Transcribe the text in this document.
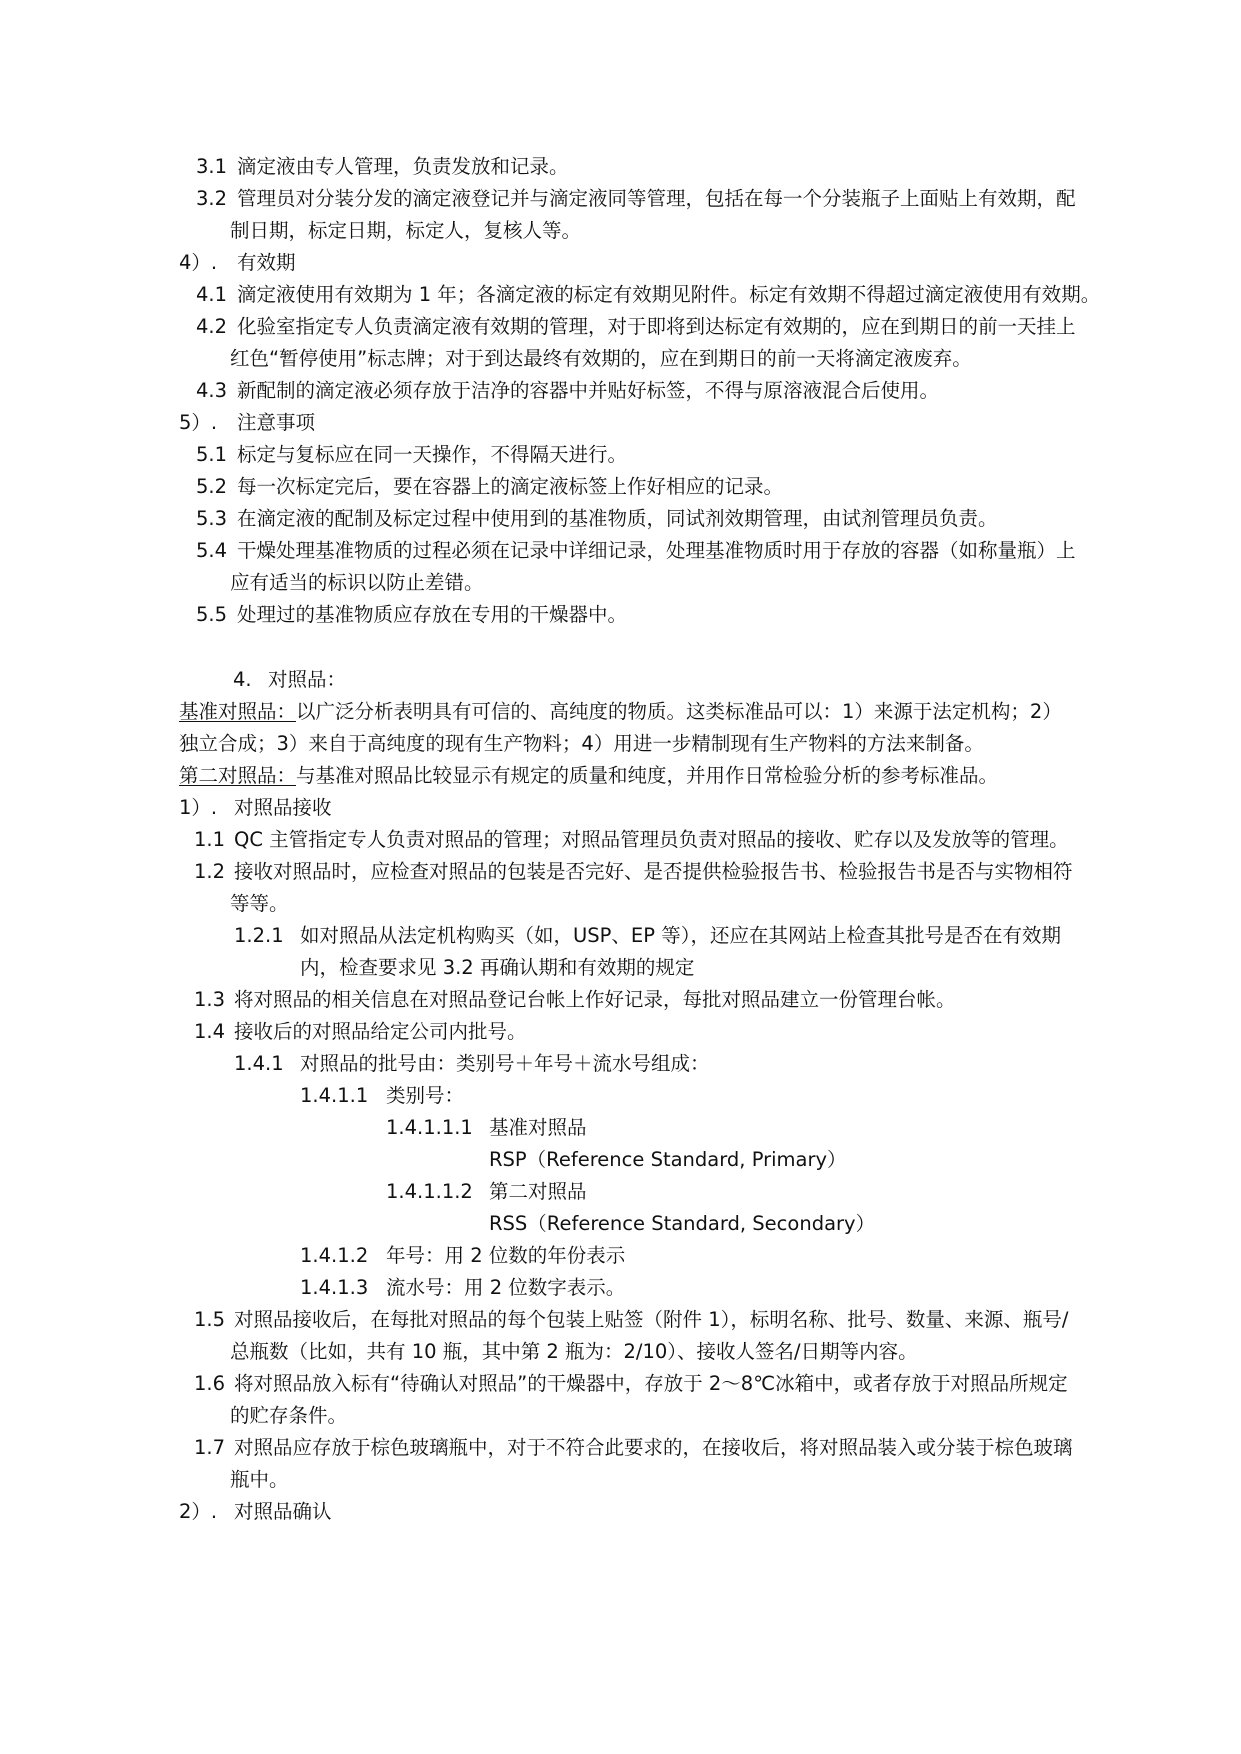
3.1 滴定液由专人管理，负责发放和记录。
3.2 管理员对分装分发的滴定液登记并与滴定液同等管理，包括在每一个分装瓶子上面贴上有效期，配
制日期，标定日期，标定人，复核人等。
4）. 有效期
4.1 滴定液使用有效期为 1 年；各滴定液的标定有效期见附件。标定有效期不得超过滴定液使用有效期。
4.2 化验室指定专人负责滴定液有效期的管理，对于即将到达标定有效期的，应在到期日的前一天挂上
红色“暂停使用”标志牌；对于到达最终有效期的，应在到期日的前一天将滴定液废弃。
4.3 新配制的滴定液必须存放于洁净的容器中并贴好标签，不得与原溶液混合后使用。
5）. 注意事项
5.1 标定与复标应在同一天操作，不得隔天进行。
5.2 每一次标定完后，要在容器上的滴定液标签上作好相应的记录。
5.3 在滴定液的配制及标定过程中使用到的基准物质，同试剂效期管理，由试剂管理员负责。
5.4 干燥处理基准物质的过程必须在记录中详细记录，处理基准物质时用于存放的容器（如称量瓶）上
应有适当的标识以防止差错。
5.5 处理过的基准物质应存放在专用的干燥器中。
4. 对照品：
基准对照品：以广泛分析表明具有可信的、高纯度的物质。这类标准品可以：1）来源于法定机构；2）
独立合成；3）来自于高纯度的现有生产物料；4）用进一步精制现有生产物料的方法来制备。
第二对照品：与基准对照品比较显示有规定的质量和纯度，并用作日常检验分析的参考标准品。
1）. 对照品接收
1.1 QC 主管指定专人负责对照品的管理；对照品管理员负责对照品的接收、贮存以及发放等的管理。
1.2 接收对照品时，应检查对照品的包装是否完好、是否提供检验报告书、检验报告书是否与实物相符
等等。
1.2.1 如对照品从法定机构购买（如，USP、EP 等），还应在其网站上检查其批号是否在有效期
内，检查要求见 3.2 再确认期和有效期的规定
1.3 将对照品的相关信息在对照品登记台帐上作好记录，每批对照品建立一份管理台帐。
1.4 接收后的对照品给定公司内批号。
1.4.1 对照品的批号由：类别号＋年号＋流水号组成：
1.4.1.1 类别号：
1.4.1.1.1 基准对照品
RSP（Reference Standard, Primary）
1.4.1.1.2 第二对照品
RSS（Reference Standard, Secondary）
1.4.1.2 年号：用 2 位数的年份表示
1.4.1.3 流水号：用 2 位数字表示。
1.5 对照品接收后，在每批对照品的每个包装上贴签（附件 1），标明名称、批号、数量、来源、瓶号/
总瓶数（比如，共有 10 瓶，其中第 2 瓶为：2/10）、接收人签名/日期等内容。
1.6 将对照品放入标有“待确认对照品”的干燥器中，存放于 2～8℃冰箱中，或者存放于对照品所规定
的贮存条件。
1.7 对照品应存放于棕色玻璃瓶中，对于不符合此要求的，在接收后，将对照品装入或分装于棕色玻璃
瓶中。
2）. 对照品确认
